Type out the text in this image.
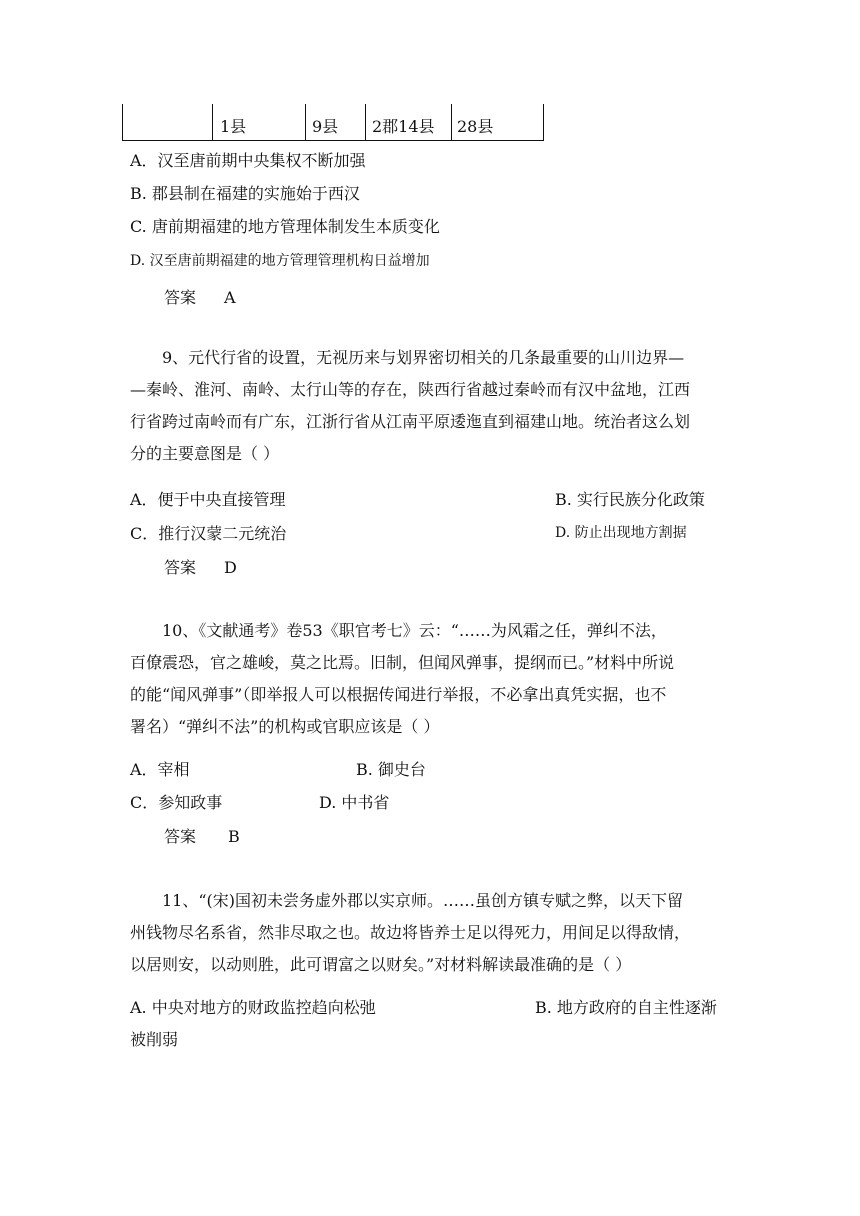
1县	9县 2郡14县 28县
A．汉至唐前期中央集权不断加强
B. 郡县制在福建的实施始于西汉
C. 唐前期福建的地方管理体制发生本质变化
D. 汉至唐前期福建的地方管理管理机构日益增加
答案 A
9、元代行省的设置，无视历来与划界密切相关的几条最重要的山川边界—
—秦岭、淮河、南岭、太行山等的存在，陕西行省越过秦岭而有汉中盆地，江西
行省跨过南岭而有广东，江浙行省从江南平原逶迤直到福建山地。统治者这么划
分的主要意图是（ ）
A．便于中央直接管理	B. 实行民族分化政策
C．推行汉蒙二元统治	D. 防止出现地方割据
答案 D
10、《文献通考》卷53《职官考七》云：“……为风霜之任，弹纠不法，
百僚震恐，官之雄峻，莫之比焉。旧制，但闻风弹事，提纲而已。”材料中所说
的能“闻风弹事”（即举报人可以根据传闻进行举报，不必拿出真凭实据，也不
署名）“弹纠不法”的机构或官职应该是（ ）
A．宰相	B. 御史台
C．参知政事	D. 中书省
答案 B
11、“(宋)国初未尝务虚外郡以实京师。……虽创方镇专赋之弊，以天下留
州钱物尽名系省，然非尽取之也。故边将皆养士足以得死力，用间足以得敌情，
以居则安，以动则胜，此可谓富之以财矣。”对材料解读最准确的是（ ）
A. 中央对地方的财政监控趋向松弛	B. 地方政府的自主性逐渐
被削弱
